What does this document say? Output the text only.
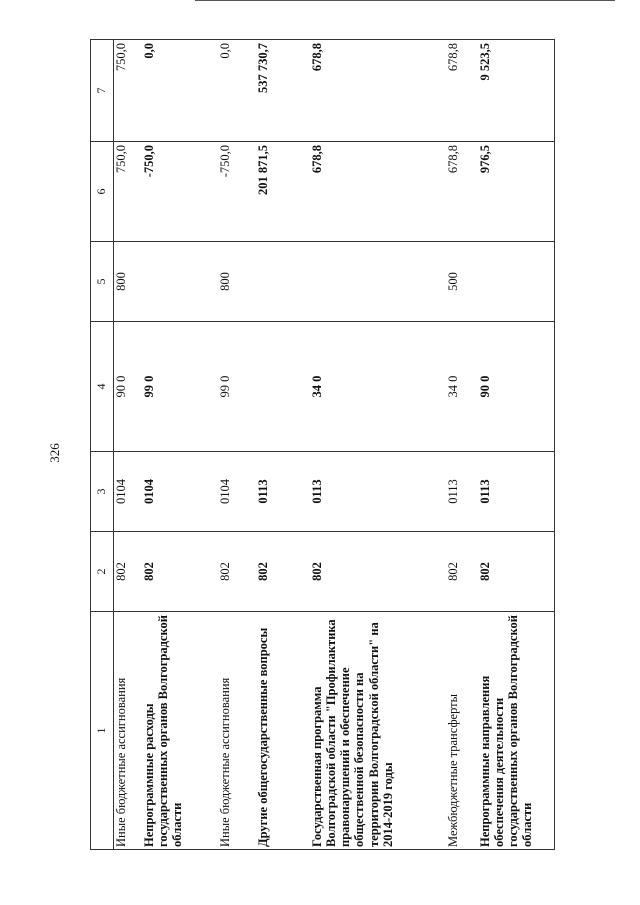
326
1	2	3	4	5	6	7
Иные бюджетные ассигнования	802	0104	90 0	800	750,0	750,0
Непрограммные расходы государственных органов Волгоградской области	802	0104	99 0		-750,0	0,0
Иные бюджетные ассигнования	802	0104	99 0	800	-750,0	0,0
Другие общегосударственные вопросы	802	0113			201 871,5	537 730,7
Государственная программа Волгоградской области "Профилактика правонарушений и обеспечение общественной безопасности на территории Волгоградской области" на 2014-2019 годы	802	0113	34 0		678,8	678,8
Межбюджетные трансферты	802	0113	34 0	500	678,8	678,8
Непрограммные направления обеспечения деятельности государственных органов Волгоградской области	802	0113	90 0		976,5	9 523,5
